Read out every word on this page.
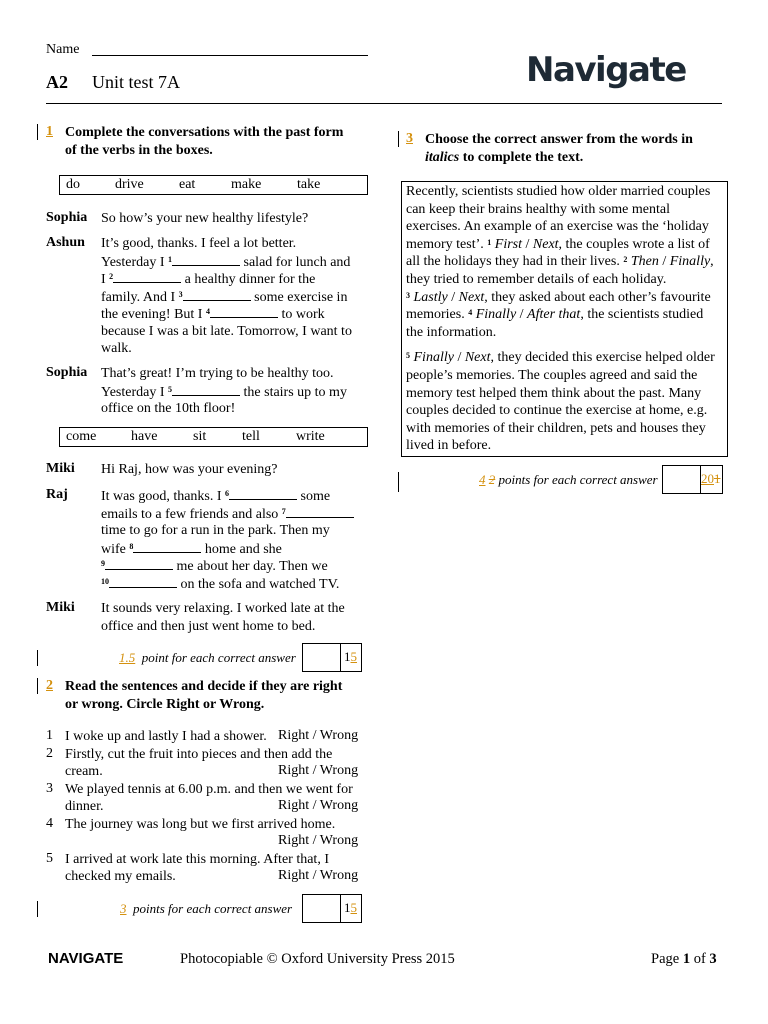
Name
A2 Unit test 7A	Navigate
1 Complete the conversations with the past form
of the verbs in the boxes.
do	drive	eat	make	take
Sophia So how’s your new healthy lifestyle?
Ashun It’s good, thanks. I feel a lot better.
Yesterday I $^1$	salad for lunch and
I $^2$	a healthy dinner for the
family. And I $^3$	some exercise in
the evening! But I $^4$	to work
because I was a bit late. Tomorrow, I want to
walk.
Sophia That’s great! I’m trying to be healthy too.
Yesterday I $^5$	the stairs up to my
office on the 10th floor!
come have	sit	tell	write
Miki Hi Raj, how was your evening?
Raj It was good, thanks. I $^6$	some
emails to a few friends and also $^7$
time to go for a run in the park. Then my
wife $^8$	home and she
$^9$	me about her day. Then we
$^{10}$	on the sofa and watched TV.
Miki It sounds very relaxing. I worked late at the
office and then just went home to bed.
1.5 point for each correct answer	15
2 Read the sentences and decide if they are right
or wrong. Circle Right or Wrong.
1 I woke up and lastly I had a shower. Right / Wrong
2 Firstly, cut the fruit into pieces and then add the
cream.	Right / Wrong
3 We played tennis at 6.00 p.m. and then we went for
dinner.	Right / Wrong
4 The journey was long but we first arrived home.
Right / Wrong
5 I arrived at work late this morning. After that, I
checked my emails.	Right / Wrong
3 points for each correct answer	15
3 Choose the correct answer from the words in
italics to complete the text.
Recently, scientists studied how older married couples
can keep their brains healthy with some mental
exercises. An example of an exercise was the ‘holiday
memory test’. $^1$ First / Next, the couples wrote a list of
all the holidays they had in their lives. $^2$ Then / Finally,
they tried to remember details of each holiday.
$^3$ Lastly / Next, they asked about each other’s favourite
memories. $^4$ Finally / After that, the scientists studied
the information.
$^5$ Finally / Next, they decided this exercise helped older
people’s memories. The couples agreed and said the
memory test helped them think about the past. Many
couples decided to continue the exercise at home, e.g.
with memories of their children, pets and houses they
lived in before.
4 2 points for each correct answer	201
NAVIGATE	Photocopiable © Oxford University Press 2015	Page 1 of 3
